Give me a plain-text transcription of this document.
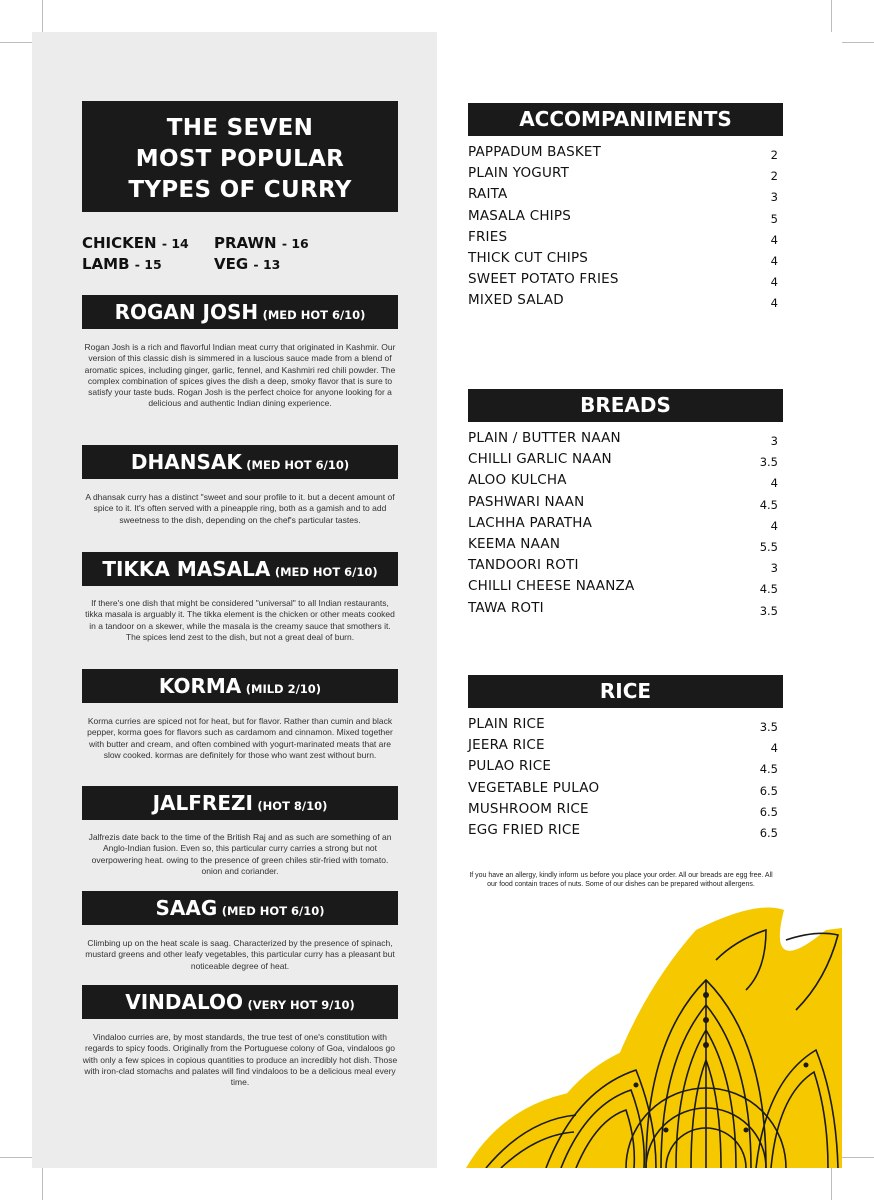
THE SEVEN
MOST POPULAR
TYPES OF CURRY
CHICKEN - 14	PRAWN - 16
LAMB - 15	VEG - 13
ROGAN JOSH (MED HOT 6/10)
Rogan Josh is a rich and flavorful Indian meat curry that originated in Kashmir. Our version of this classic dish is simmered in a luscious sauce made from a blend of aromatic spices, including ginger, garlic, fennel, and Kashmiri red chili powder. The complex combination of spices gives the dish a deep, smoky flavor that is sure to satisfy your taste buds. Rogan Josh is the perfect choice for anyone looking for a delicious and authentic Indian dining experience.
DHANSAK (MED HOT 6/10)
A dhansak curry has a distinct "sweet and sour profile to it. but a decent amount of spice to it. It's often served with a pineapple ring, both as a gamish and to add sweetness to the dish, depending on the chef's particular tastes.
TIKKA MASALA (MED HOT 6/10)
If there's one dish that might be considered "universal" to all Indian restaurants, tikka masala is arguably it. The tikka element is the chicken or other meats cooked in a tandoor on a skewer, while the masala is the creamy sauce that smothers it. The spices lend zest to the dish, but not a great deal of burn.
KORMA (MILD 2/10)
Korma curries are spiced not for heat, but for flavor. Rather than cumin and black pepper, korma goes for flavors such as cardamom and cinnamon. Mixed together with butter and cream, and often combined with yogurt-marinated meats that are slow cooked. kormas are definitely for those who want zest without burn.
JALFREZI (HOT 8/10)
Jalfrezis date back to the time of the British Raj and as such are something of an Anglo-Indian fusion. Even so, this particular curry carries a strong but not overpowering heat. owing to the presence of green chiles stir-fried with tomato. onion and coriander.
SAAG (MED HOT 6/10)
Climbing up on the heat scale is saag. Characterized by the presence of spinach, mustard greens and other leafy vegetables, this particular curry has a pleasant but noticeable degree of heat.
VINDALOO (VERY HOT 9/10)
Vindaloo curries are, by most standards, the true test of one's constitution with regards to spicy foods. Originally from the Portuguese colony of Goa, vindaloos go with only a few spices in copious quantities to produce an incredibly hot dish. Those with iron-clad stomachs and palates will find vindaloos to be a delicious meal every time.
ACCOMPANIMENTS
PAPPADUM BASKET	2
PLAIN YOGURT	2
RAITA	3
MASALA CHIPS	5
FRIES	4
THICK CUT CHIPS	4
SWEET POTATO FRIES	4
MIXED SALAD	4
BREADS
PLAIN / BUTTER NAAN	3
CHILLI GARLIC NAAN	3.5
ALOO KULCHA	4
PASHWARI NAAN	4.5
LACHHA PARATHA	4
KEEMA NAAN	5.5
TANDOORI ROTI	3
CHILLI CHEESE NAANZA	4.5
TAWA ROTI	3.5
RICE
PLAIN RICE	3.5
JEERA RICE	4
PULAO RICE	4.5
VEGETABLE PULAO	6.5
MUSHROOM RICE	6.5
EGG FRIED RICE	6.5
If you have an allergy, kindly inform us before you place your order. All our breads are egg free. All our food contain traces of nuts. Some of our dishes can be prepared without allergens.
